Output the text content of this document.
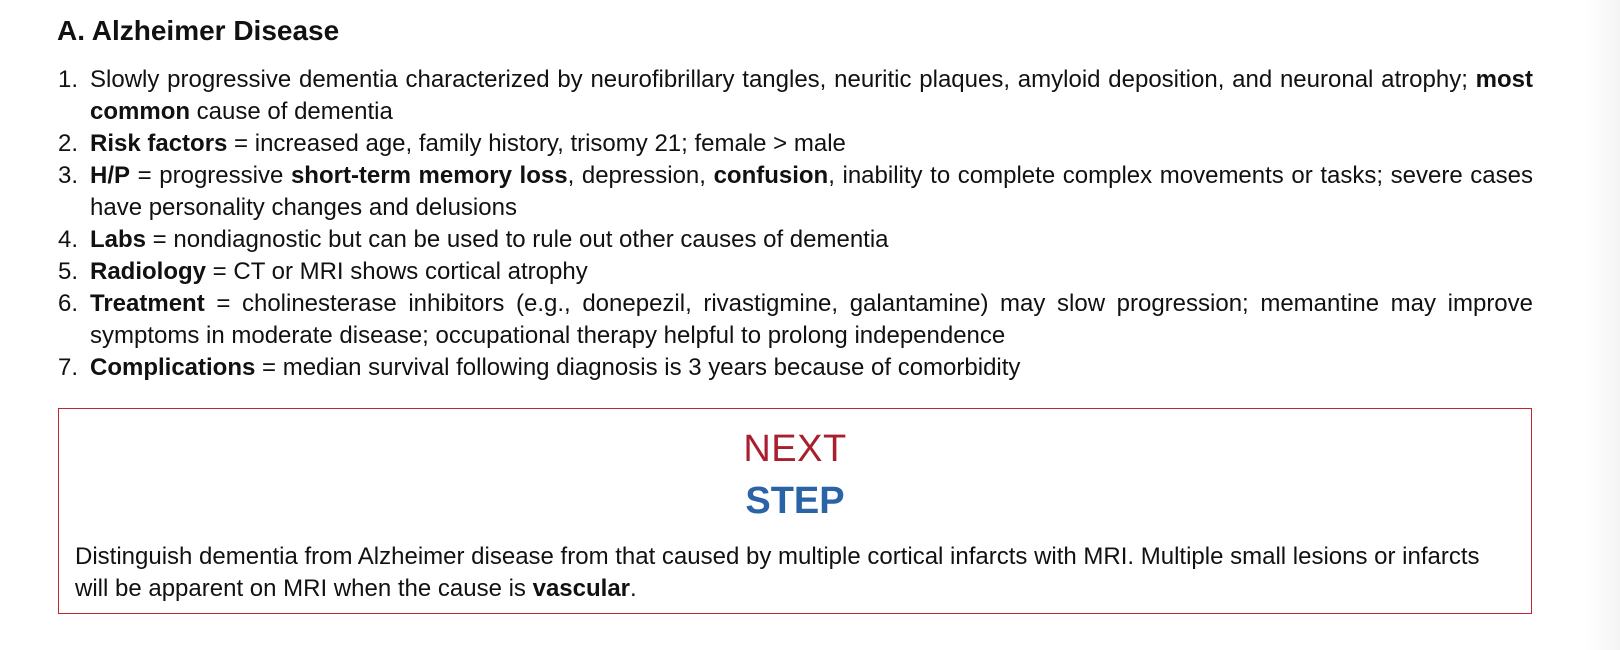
A. Alzheimer Disease
1. Slowly progressive dementia characterized by neurofibrillary tangles, neuritic plaques, amyloid deposition, and neuronal atrophy; most common cause of dementia
2. Risk factors = increased age, family history, trisomy 21; female > male
3. H/P = progressive short-term memory loss, depression, confusion, inability to complete complex movements or tasks; severe cases have personality changes and delusions
4. Labs = nondiagnostic but can be used to rule out other causes of dementia
5. Radiology = CT or MRI shows cortical atrophy
6. Treatment = cholinesterase inhibitors (e.g., donepezil, rivastigmine, galantamine) may slow progression; memantine may improve symptoms in moderate disease; occupational therapy helpful to prolong independence
7. Complications = median survival following diagnosis is 3 years because of comorbidity
NEXT
STEP
Distinguish dementia from Alzheimer disease from that caused by multiple cortical infarcts with MRI. Multiple small lesions or infarcts will be apparent on MRI when the cause is vascular.
